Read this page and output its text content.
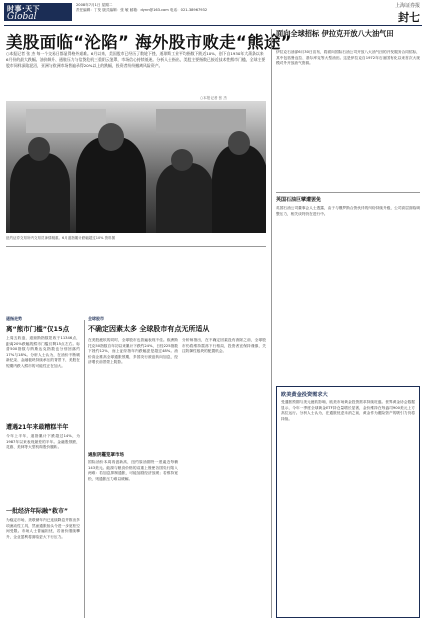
时事·天下
Global
2008年7月1日 星期二
责任编辑：丁发 版式编辑：张 敏 邮箱：dynn@163.com 电话：021-38967932
上海证券报
封七
美股面临“沦陷” 海外股市败走“熊途”
○本报记者 张 杰 每一个交易日都显得格外艰难。6月以来，美国股市已经历了数轮下挫，道琼斯工业平均指数下跌近10%，创下自1930年大萧条以来6月份的最大跌幅。油价飙升、通胀压力与信贷危机三重阴云笼罩，市场信心持续低迷。分析人士指出，美股主要指数已接近技术性熊市门槛，全球主要股市同样深陷泥沼，亚洲与欧洲市场普遍录得20%以上的跌幅，投资者纷纷撤离风险资产。
○本报记者 张 杰
纽约证券交易所内交易员神情凝重。6月道指累计跌幅超过10% 资料图
道指走势
离“熊市门槛”仅15点
上周五收盘，道琼斯指数报收于11346点，距离20%跌幅的熊市门槛仅剩15点左右。标普500指数与纳斯达克指数也分别回落约17%与18%。分析人士认为，在油价不断刷新纪录、金融板块持续承压的背景下，美股在短期内跌入熊市的可能性正在加大。
遭遇21年来最糟糕半年
今年上半年，道指累计下跌超过14%，为1987年以来表现最差的半年。金融股领跌，花旗、美林等大型机构股价腰斩。
一批经济年际融“救市”
为稳定市场，美联储年内已连续降息并推出多项流动性工具，然而通胀抬头令进一步宽松空间受限。市场人士普遍担忧，若油价继续攀升，企业盈利将面临更大下行压力。
全球股市
不确定因素太多 全球股市有点无所适从
在美股疲软的同时，全球股市也普遍表现不佳。欧洲斯托克50指数自年初以来累计下跌约24%，日经225指数下挫约12%，而上证综指年内跌幅更是超过48%。油价高企推高全球通胀预期，多国央行被迫转向加息，经济增长前景蒙上阴影。
通胀阴霾笼罩市场
国际油价本周再创新高，纽约原油期货一度逼近每桶143美元。能源与粮食价格的双重上涨使各国央行陷入两难：若加息抑制通胀，可能加剧经济放缓；若维持宽松，则通胀压力难以缓解。
分析师指出，在不确定因素没有消除之前，全球股市仍将维持震荡下行格局，投资者宜保持谨慎，关注防御性板块的配置机会。
面向全球招标 伊拉克开放八大油气田
伊拉克石油部6月30日宣布，将面向国际石油公司开放八大油气田的开发服务合同招标，其中包括鲁迈拉、基尔库克等大型油田。这是伊拉克自1972年石油国有化以来首次大规模对外开放油气资源。
英国石油巨擘遭罢免
英国石油公司董事会人士透露，由于与俄罗斯合资伙伴的纠纷持续升级，公司高层面临调整压力，相关谈判仍在进行中。
欧美黄金投资需求大
受通胀预期与美元疲软影响，欧美市场黄金投资需求持续旺盛。世界黄金协会数据显示，今年一季度全球黄金ETF持仓量增长显著，金价维持在每盎司900美元上方高位运行。分析人士认为，在通胀忧虑未消之前，黄金作为避险资产的吸引力仍将持续。
